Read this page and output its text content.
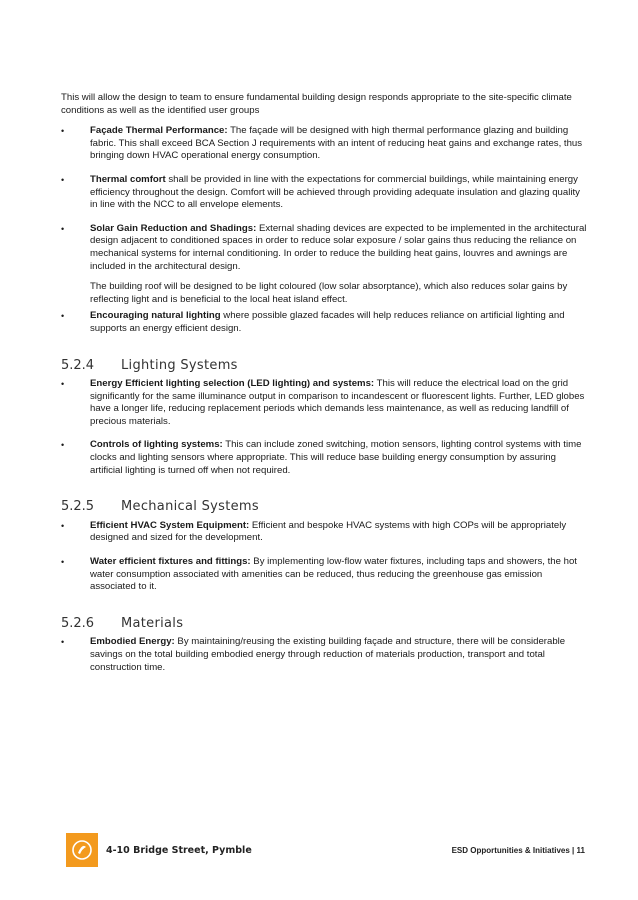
This will allow the design to team to ensure fundamental building design responds appropriate to the site-specific climate conditions as well as the identified user groups

•	Façade Thermal Performance: The façade will be designed with high thermal performance glazing and building fabric. This shall exceed BCA Section J requirements with an intent of reducing heat gains and exchange rates, thus bringing down HVAC operational energy consumption.
•	Thermal comfort shall be provided in line with the expectations for commercial buildings, while maintaining energy efficiency throughout the design. Comfort will be achieved through providing adequate insulation and glazing quality in line with the NCC to all envelope elements.
•	Solar Gain Reduction and Shadings: External shading devices are expected to be implemented in the architectural design adjacent to conditioned spaces in order to reduce solar exposure / solar gains thus reducing the reliance on mechanical systems for internal conditioning. In order to reduce the building heat gains, louvres and awnings are included in the architectural design.

The building roof will be designed to be light coloured (low solar absorptance), which also reduces solar gains by reflecting light and is beneficial to the local heat island effect.

•	Encouraging natural lighting where possible glazed facades will help reduces reliance on artificial lighting and supports an energy efficient design.
5.2.4	Lighting Systems
•	Energy Efficient lighting selection (LED lighting) and systems: This will reduce the electrical load on the grid significantly for the same illuminance output in comparison to incandescent or fluorescent lights. Further, LED globes have a longer life, reducing replacement periods which demands less maintenance, as well as reducing landfill of precious materials.
•	Controls of lighting systems: This can include zoned switching, motion sensors, lighting control systems with time clocks and lighting sensors where appropriate. This will reduce base building energy consumption by assuring artificial lighting is turned off when not required.
5.2.5	Mechanical Systems
•	Efficient HVAC System Equipment: Efficient and bespoke HVAC systems with high COPs will be appropriately designed and sized for the development.
•	Water efficient fixtures and fittings: By implementing low-flow water fixtures, including taps and showers, the hot water consumption associated with amenities can be reduced, thus reducing the greenhouse gas emission associated to it.
5.2.6	Materials
•	Embodied Energy: By maintaining/reusing the existing building façade and structure, there will be considerable savings on the total building embodied energy through reduction of materials production, transport and total construction time.
4-10 Bridge Street, Pymble	ESD Opportunities & Initiatives | 11
